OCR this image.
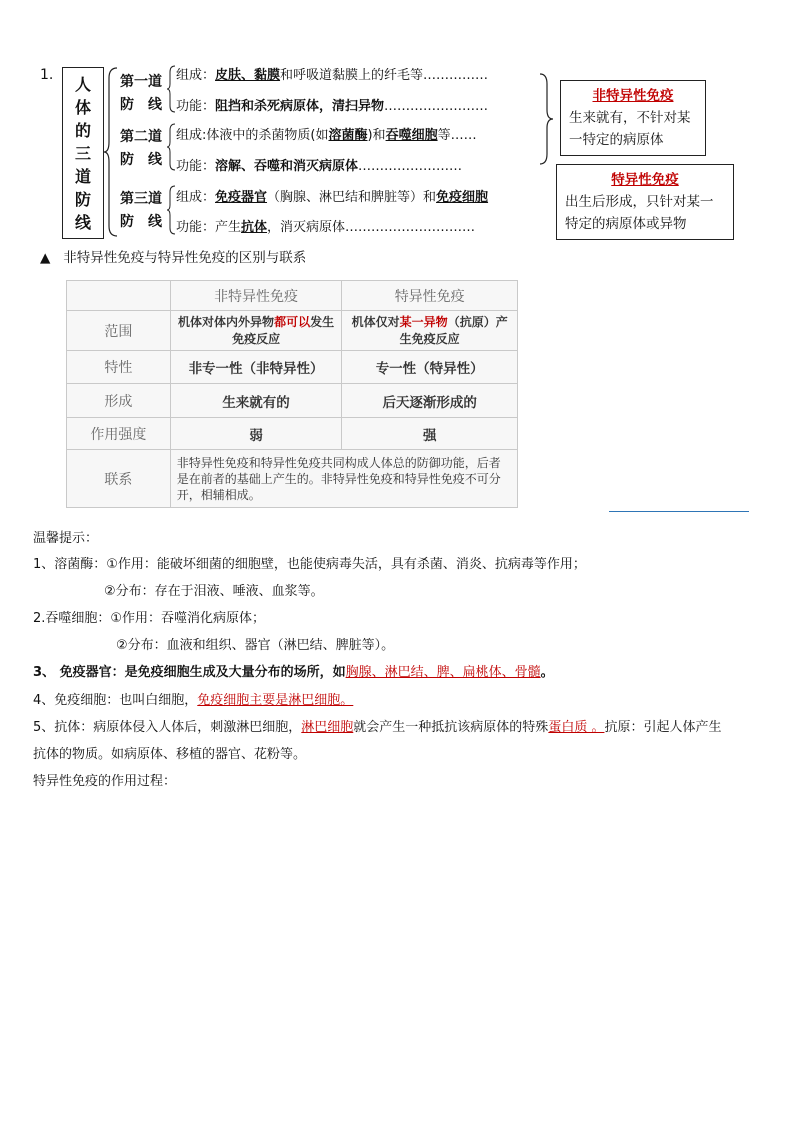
1. 人
体
的
三
道
防
线
第一道
防　线
组成：皮肤、黏膜和呼吸道黏膜上的纤毛等……………
功能：阻挡和杀死病原体，清扫异物……………………
第二道
防　线
组成:体液中的杀菌物质(如溶菌酶)和吞噬细胞等……
功能：溶解、吞噬和消灭病原体……………………
第三道
防　线
组成：免疫器官（胸腺、淋巴结和脾脏等）和免疫细胞
功能：产生抗体，消灭病原体…………………………
非特异性免疫
生来就有，不针对某一特定的病原体
特异性免疫
出生后形成，只针对某一特定的病原体或异物
▲ 非特异性免疫与特异性免疫的区别与联系
	非特异性免疫	特异性免疫
范围	机体对体内外异物都可以发生免疫反应	机体仅对某一异物（抗原）产生免疫反应
特性	非专一性（非特异性）	专一性（特异性）
形成	生来就有的	后天逐渐形成的
作用强度	弱	强
联系	非特异性免疫和特异性免疫共同构成人体总的防御功能，后者是在前者的基础上产生的。非特异性免疫和特异性免疫不可分开，相辅相成。	
温馨提示：
1、溶菌酶：①作用：能破坏细菌的细胞壁，也能使病毒失活，具有杀菌、消炎、抗病毒等作用；
②分布：存在于泪液、唾液、血浆等。
2.吞噬细胞：①作用：吞噬消化病原体；
②分布：血液和组织、器官（淋巴结、脾脏等）。
3、 免疫器官：是免疫细胞生成及大量分布的场所，如胸腺、淋巴结、脾、扁桃体、骨髓。
4、免疫细胞：也叫白细胞，免疫细胞主要是淋巴细胞。
5、抗体：病原体侵入人体后，刺激淋巴细胞，淋巴细胞就会产生一种抵抗该病原体的特殊蛋白质 。抗原：引起人体产生
抗体的物质。如病原体、移植的器官、花粉等。
特异性免疫的作用过程：
